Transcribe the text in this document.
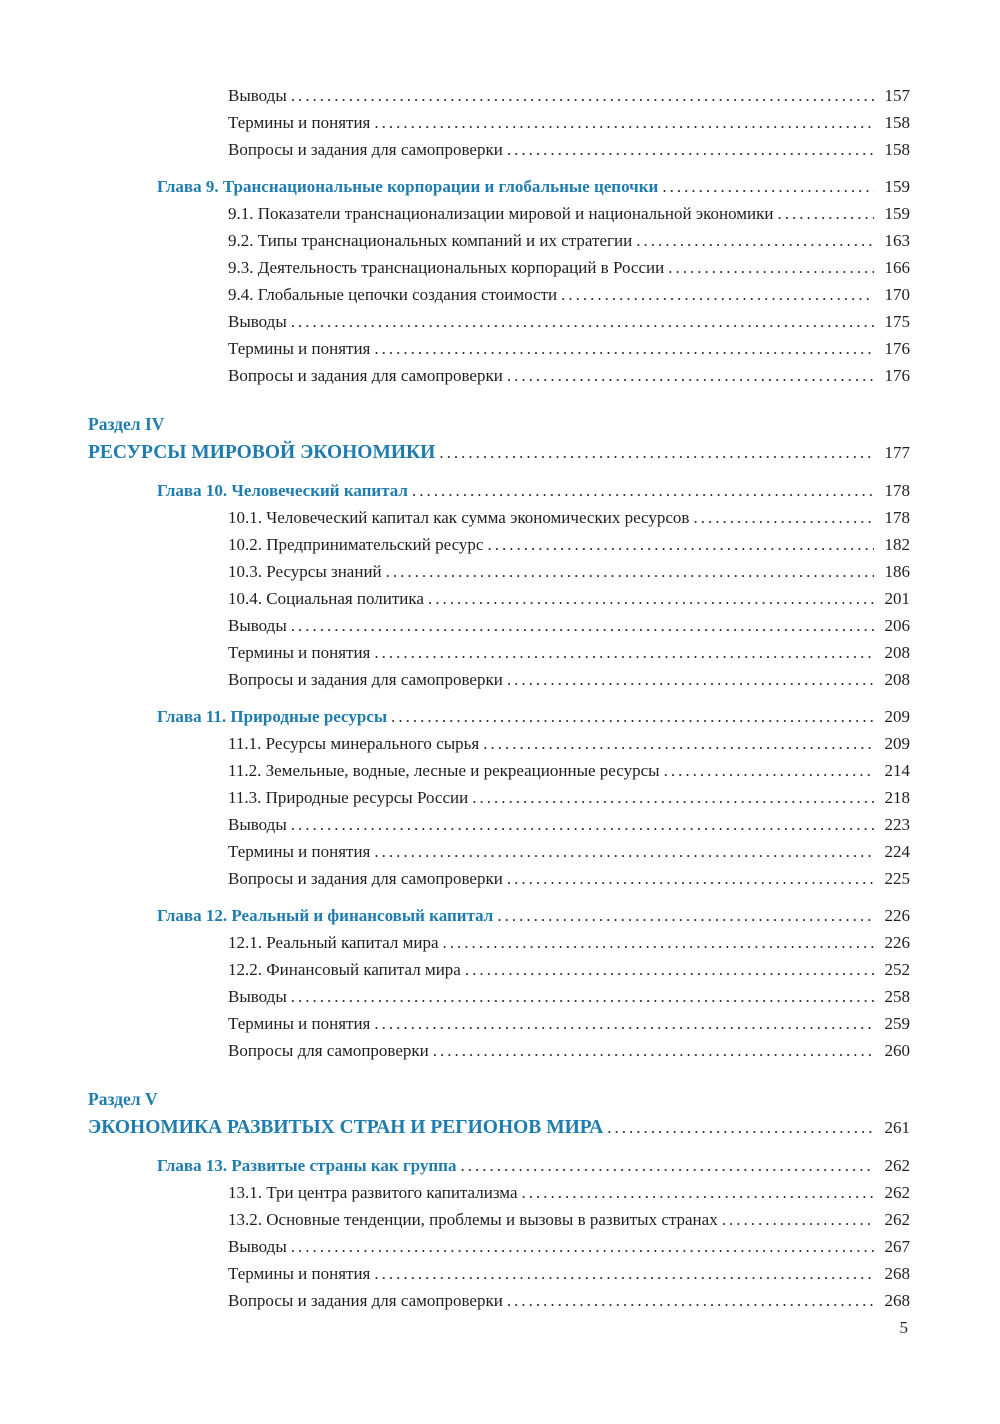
Выводы .....	157
Термины и понятия .....	158
Вопросы и задания для самопроверки .....	158
Глава 9. Транснациональные корпорации и глобальные цепочки .....	159
9.1. Показатели транснационализации мировой и национальной экономики .....	159
9.2. Типы транснациональных компаний и их стратегии .....	163
9.3. Деятельность транснациональных корпораций в России .....	166
9.4. Глобальные цепочки создания стоимости .....	170
Выводы .....	175
Термины и понятия .....	176
Вопросы и задания для самопроверки .....	176
Раздел IV
РЕСУРСЫ МИРОВОЙ ЭКОНОМИКИ .....	177
Глава 10. Человеческий капитал .....	178
10.1. Человеческий капитал как сумма экономических ресурсов .....	178
10.2. Предпринимательский ресурс .....	182
10.3. Ресурсы знаний .....	186
10.4. Социальная политика .....	201
Выводы .....	206
Термины и понятия .....	208
Вопросы и задания для самопроверки .....	208
Глава 11. Природные ресурсы .....	209
11.1. Ресурсы минерального сырья .....	209
11.2. Земельные, водные, лесные и рекреационные ресурсы .....	214
11.3. Природные ресурсы России .....	218
Выводы .....	223
Термины и понятия .....	224
Вопросы и задания для самопроверки .....	225
Глава 12. Реальный и финансовый капитал .....	226
12.1. Реальный капитал мира .....	226
12.2. Финансовый капитал мира .....	252
Выводы .....	258
Термины и понятия .....	259
Вопросы для самопроверки .....	260
Раздел V
ЭКОНОМИКА РАЗВИТЫХ СТРАН И РЕГИОНОВ МИРА .....	261
Глава 13. Развитые страны как группа .....	262
13.1. Три центра развитого капитализма .....	262
13.2. Основные тенденции, проблемы и вызовы в развитых странах .....	262
Выводы .....	267
Термины и понятия .....	268
Вопросы и задания для самопроверки .....	268
5
